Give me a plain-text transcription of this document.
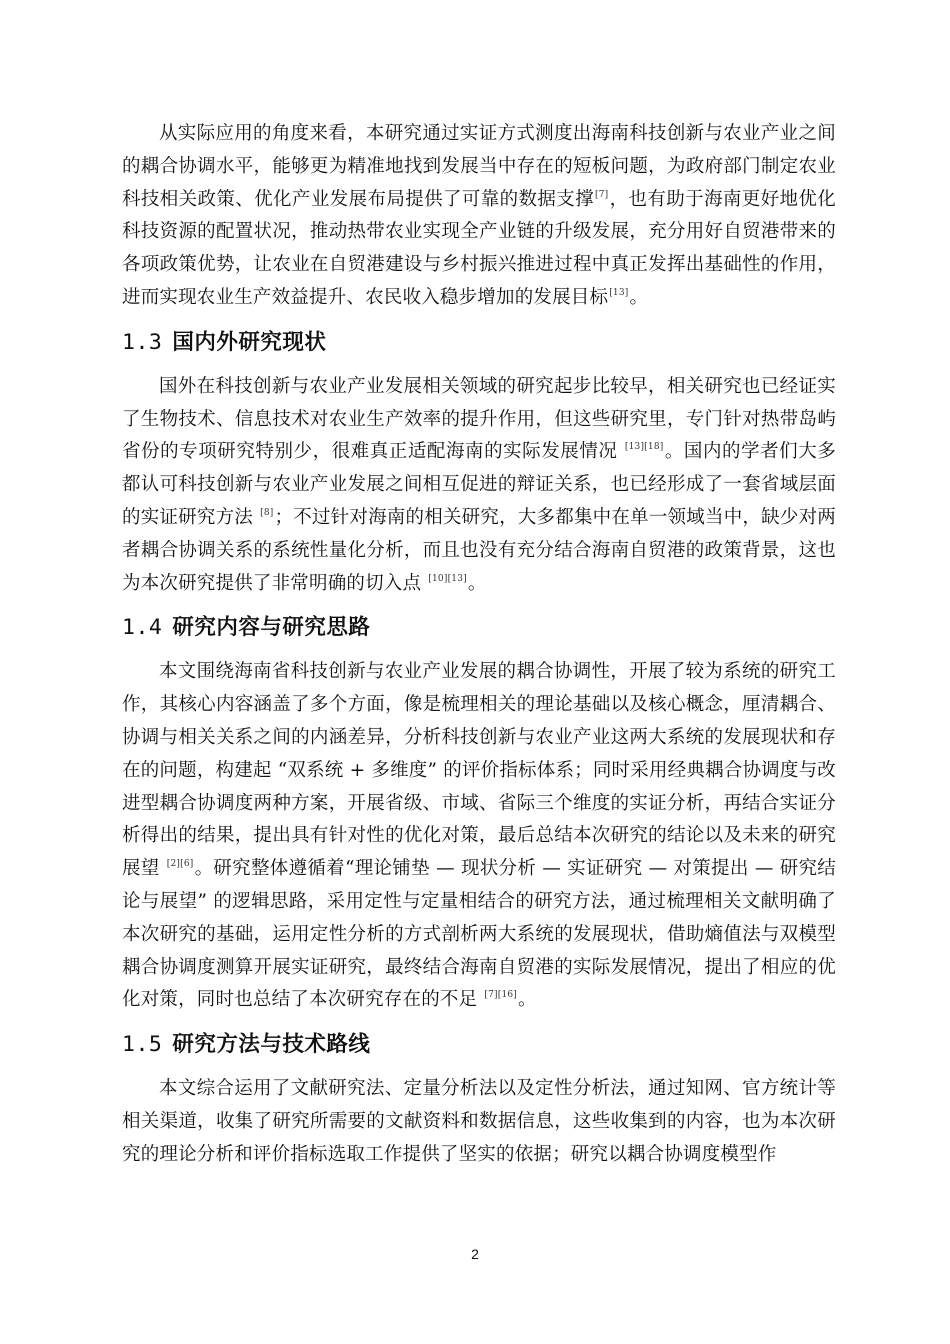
从实际应用的角度来看，本研究通过实证方式测度出海南科技创新与农业产业之间的耦合协调水平，能够更为精准地找到发展当中存在的短板问题，为政府部门制定农业科技相关政策、优化产业发展布局提供了可靠的数据支撑[7]，也有助于海南更好地优化科技资源的配置状况，推动热带农业实现全产业链的升级发展，充分用好自贸港带来的各项政策优势，让农业在自贸港建设与乡村振兴推进过程中真正发挥出基础性的作用，进而实现农业生产效益提升、农民收入稳步增加的发展目标[13]。

1.3 国内外研究现状

国外在科技创新与农业产业发展相关领域的研究起步比较早，相关研究也已经证实了生物技术、信息技术对农业生产效率的提升作用，但这些研究里，专门针对热带岛屿省份的专项研究特别少，很难真正适配海南的实际发展情况 [13][18]。国内的学者们大多都认可科技创新与农业产业发展之间相互促进的辩证关系，也已经形成了一套省域层面的实证研究方法 [8]；不过针对海南的相关研究，大多都集中在单一领域当中，缺少对两者耦合协调关系的系统性量化分析，而且也没有充分结合海南自贸港的政策背景，这也为本次研究提供了非常明确的切入点 [10][13]。

1.4 研究内容与研究思路

本文围绕海南省科技创新与农业产业发展的耦合协调性，开展了较为系统的研究工作，其核心内容涵盖了多个方面，像是梳理相关的理论基础以及核心概念，厘清耦合、协调与相关关系之间的内涵差异，分析科技创新与农业产业这两大系统的发展现状和存在的问题，构建起 “双系统 + 多维度” 的评价指标体系；同时采用经典耦合协调度与改进型耦合协调度两种方案，开展省级、市域、省际三个维度的实证分析，再结合实证分析得出的结果，提出具有针对性的优化对策，最后总结本次研究的结论以及未来的研究展望 [2][6]。研究整体遵循着“理论铺垫 — 现状分析 — 实证研究 — 对策提出 — 研究结论与展望” 的逻辑思路，采用定性与定量相结合的研究方法，通过梳理相关文献明确了本次研究的基础，运用定性分析的方式剖析两大系统的发展现状，借助熵值法与双模型耦合协调度测算开展实证研究，最终结合海南自贸港的实际发展情况，提出了相应的优化对策，同时也总结了本次研究存在的不足 [7][16]。

1.5 研究方法与技术路线

本文综合运用了文献研究法、定量分析法以及定性分析法，通过知网、官方统计等相关渠道，收集了研究所需要的文献资料和数据信息，这些收集到的内容，也为本次研究的理论分析和评价指标选取工作提供了坚实的依据；研究以耦合协调度模型作

2
